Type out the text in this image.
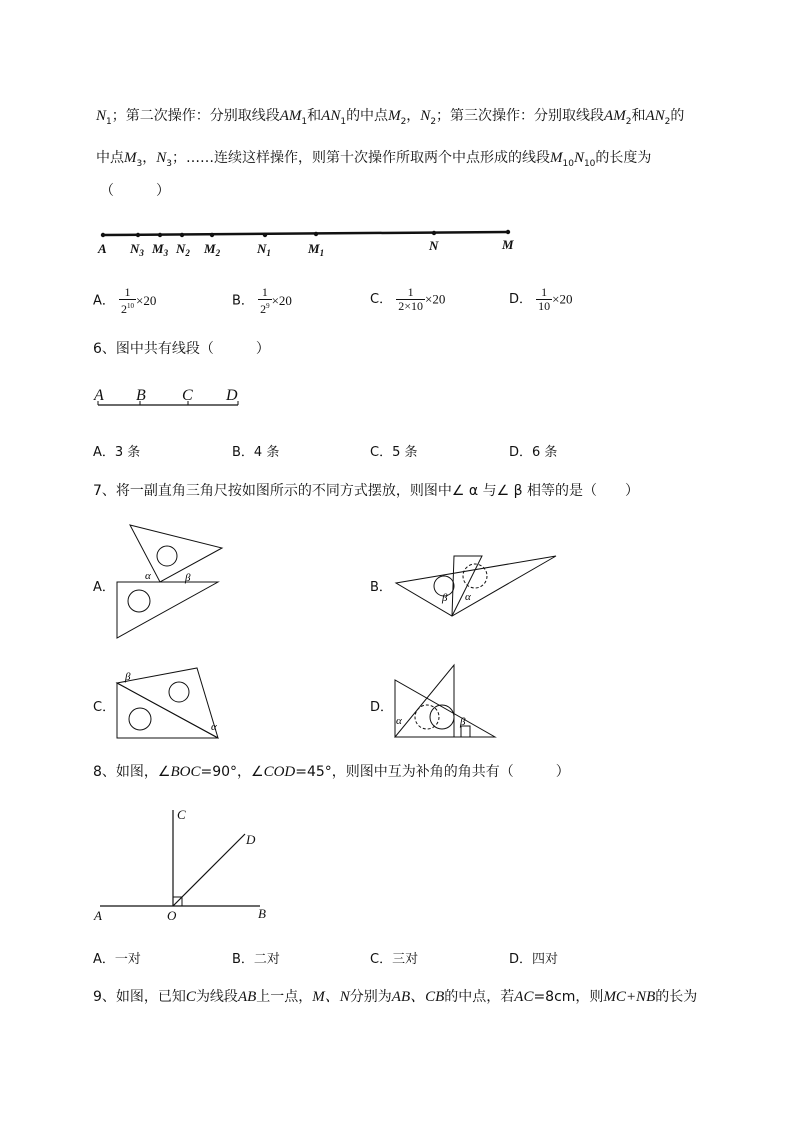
$N_1$；第二次操作：分别取线段$AM_1$和$AN_1$的中点$M_2$，$N_2$；第三次操作：分别取线段$AM_2$和$AN_2$的
中点$M_3$，$N_3$；……连续这样操作，则第十次操作所取两个中点形成的线段$M_{10}N_{10}$的长度为
（　　　）
A $N_3$ $M_3$ $N_2$ $M_2$	$N_1$	$M_1$	N	M
A． $\frac{1}{2^{10}} \times 20$	B． $\frac{1}{2^9} \times 20$	C． $\frac{1}{2\times 10} \times 20$	D． $\frac{1}{10} \times 20$
6、图中共有线段（　　　）
A B C D
A．3 条	B．4 条	C．5 条	D．6 条
7、将一副直角三角尺按如图所示的不同方式摆放，则图中∠ α 与∠ β 相等的是（　　）
A．
α	β
B．
β α
C．
β
α
D．
α	β
8、如图，∠BOC=90°，∠COD=45°，则图中互为补角的角共有（　　　）
C
D
A	O	B
A．一对	B．二对	C．三对	D．四对
9、如图，已知C为线段AB上一点，M、N分别为AB、CB的中点，若AC=8cm，则MC+NB的长为
